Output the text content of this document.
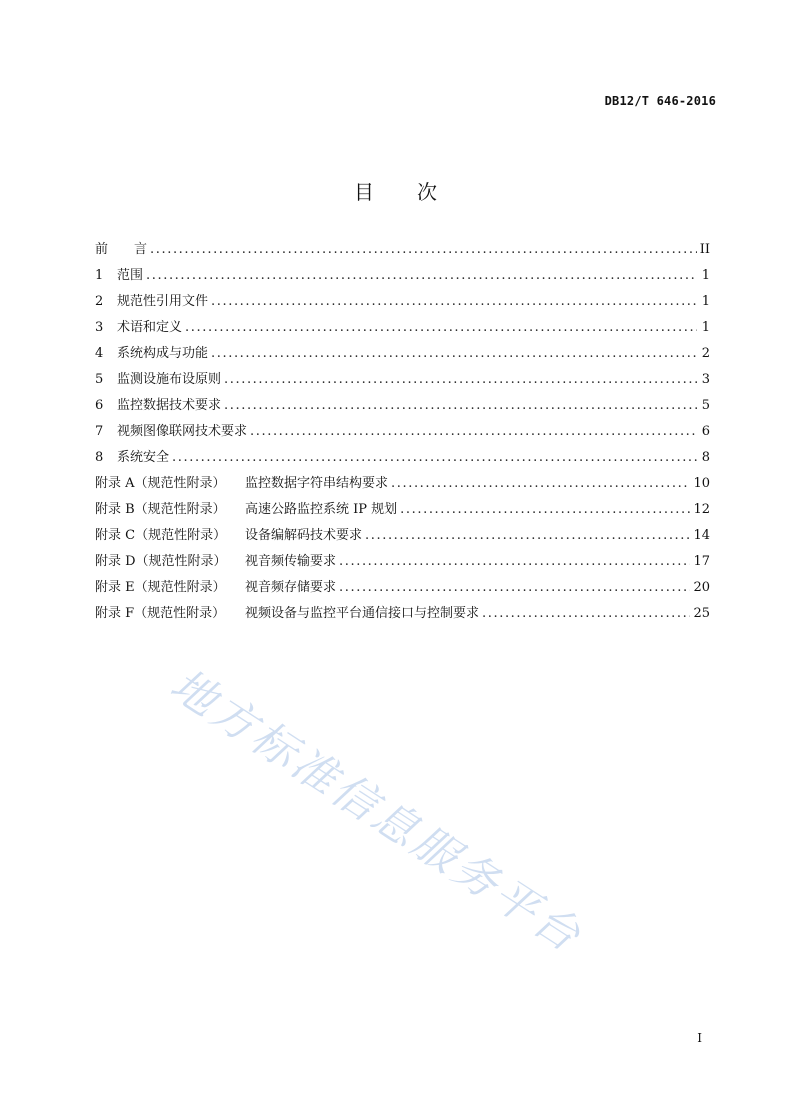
DB12/T 646-2016
目 次
前　　言 .....	II
1	范围 .....	1
2	规范性引用文件 .....	1
3	术语和定义 .....	1
4	系统构成与功能 .....	2
5	监测设施布设原则 .....	3
6	监控数据技术要求 .....	5
7	视频图像联网技术要求 .....	6
8	系统安全 .....	8
附录 A（规范性附录）	监控数据字符串结构要求 .....	10
附录 B（规范性附录）	高速公路监控系统 IP 规划 .....	12
附录 C（规范性附录）	设备编解码技术要求 .....	14
附录 D（规范性附录）	视音频传输要求 .....	17
附录 E（规范性附录）	视音频存储要求 .....	20
附录 F（规范性附录）	视频设备与监控平台通信接口与控制要求 .....	25
地方标准信息服务平台
I
